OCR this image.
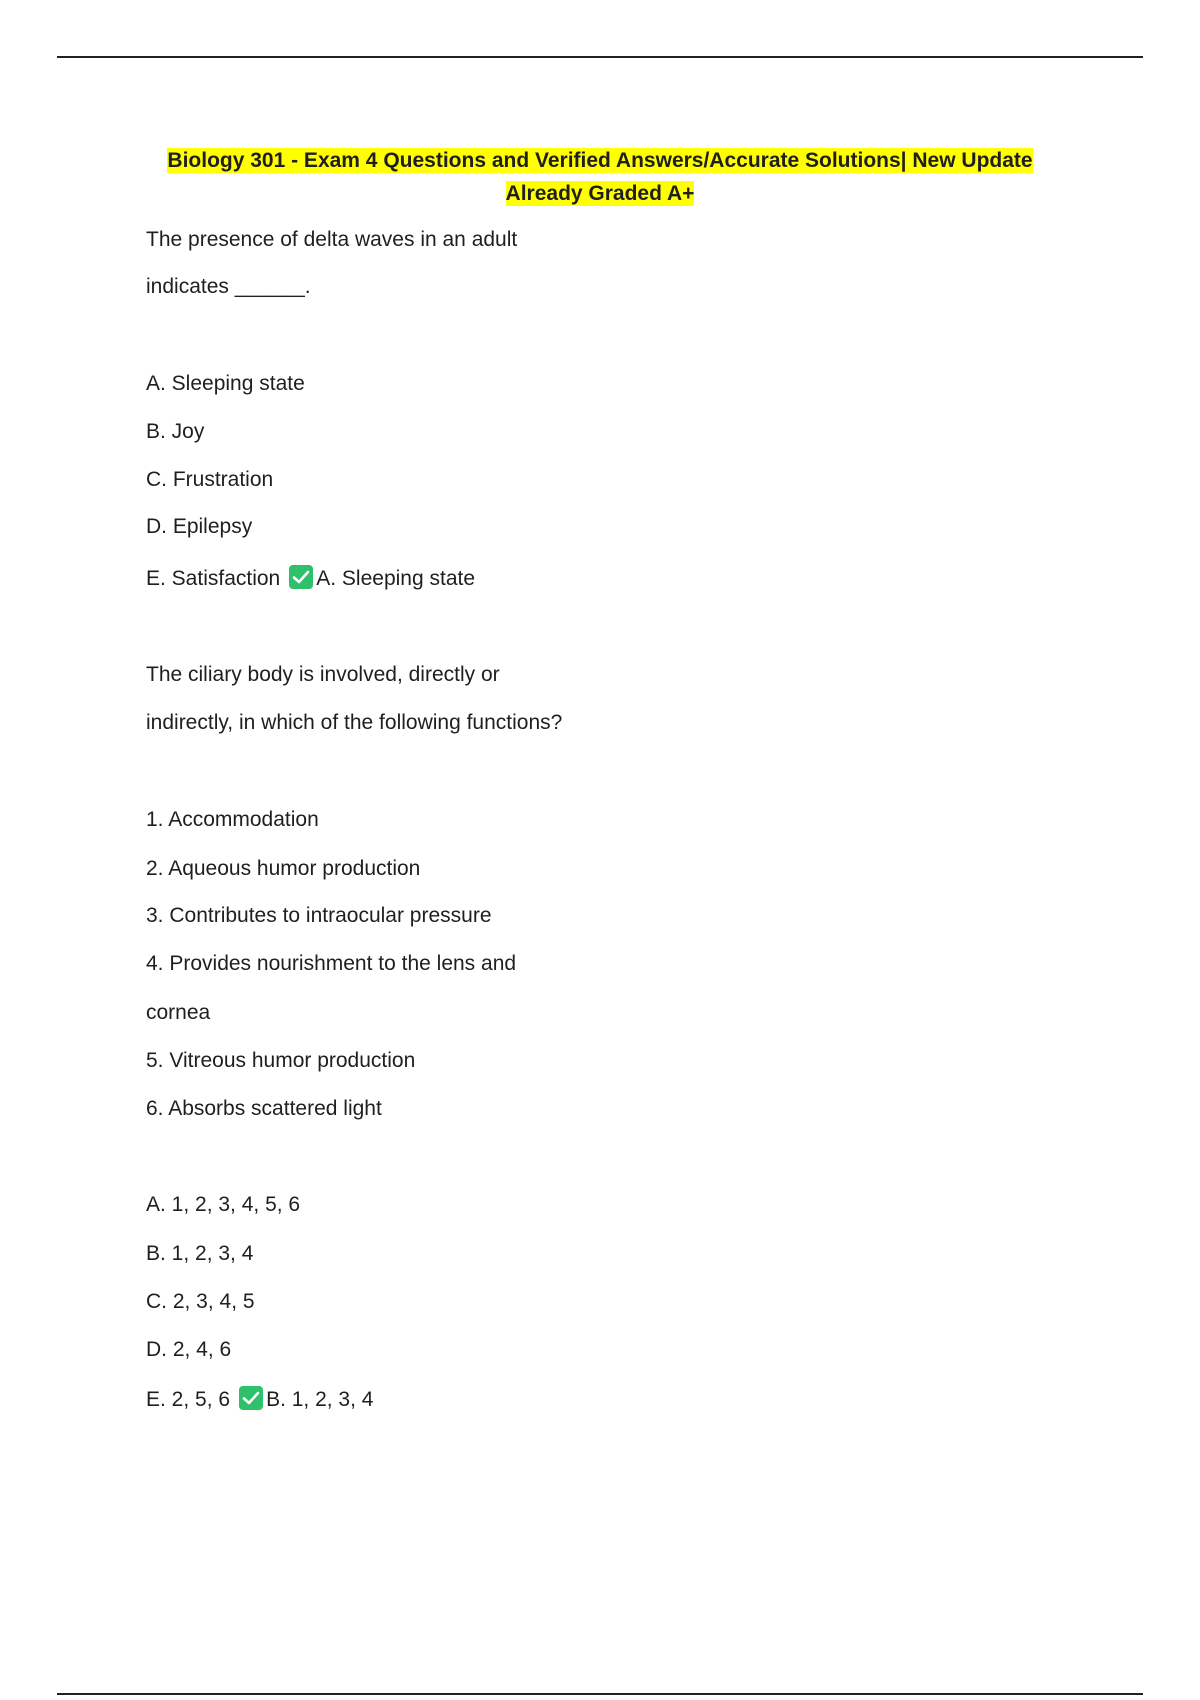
Biology 301 - Exam 4 Questions and Verified Answers/Accurate Solutions| New Update
Already Graded A+
The presence of delta waves in an adult
indicates ______.
A. Sleeping state
B. Joy
C. Frustration
D. Epilepsy
E. Satisfaction A. Sleeping state
The ciliary body is involved, directly or
indirectly, in which of the following functions?
1. Accommodation
2. Aqueous humor production
3. Contributes to intraocular pressure
4. Provides nourishment to the lens and
cornea
5. Vitreous humor production
6. Absorbs scattered light
A. 1, 2, 3, 4, 5, 6
B. 1, 2, 3, 4
C. 2, 3, 4, 5
D. 2, 4, 6
E. 2, 5, 6 B. 1, 2, 3, 4
